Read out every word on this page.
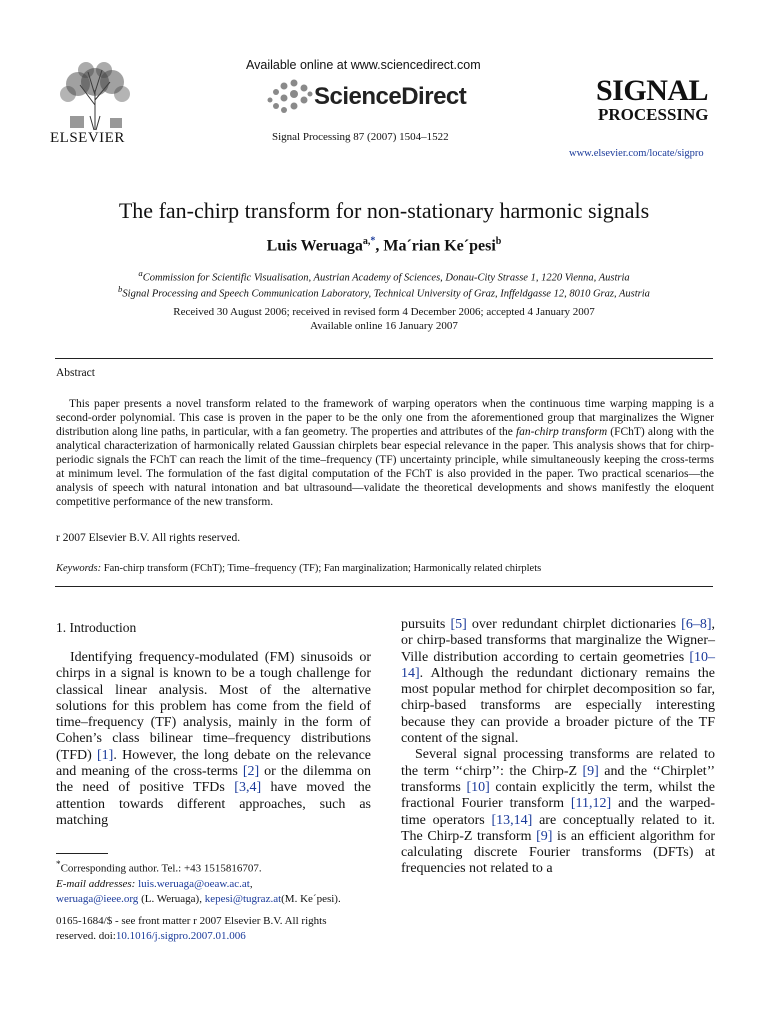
ELSEVIER
Available online at www.sciencedirect.com
ScienceDirect
Signal Processing 87 (2007) 1504–1522
SIGNAL
PROCESSING
www.elsevier.com/locate/sigpro
The fan-chirp transform for non-stationary harmonic signals
Luis Weruaga$^{a,*}$, Ma´rian Ke´pesi$^b$
$^a$Commission for Scientific Visualisation, Austrian Academy of Sciences, Donau-City Strasse 1, 1220 Vienna, Austria
$^b$Signal Processing and Speech Communication Laboratory, Technical University of Graz, Inffeldgasse 12, 8010 Graz, Austria
Received 30 August 2006; received in revised form 4 December 2006; accepted 4 January 2007
Available online 16 January 2007
Abstract
This paper presents a novel transform related to the framework of warping operators when the continuous time warping mapping is a second-order polynomial. This case is proven in the paper to be the only one from the aforementioned group that marginalizes the Wigner distribution along line paths, in particular, with a fan geometry. The properties and attributes of the fan-chirp transform (FChT) along with the analytical characterization of harmonically related Gaussian chirplets bear especial relevance in the paper. This analysis shows that for chirp-periodic signals the FChT can reach the limit of the time–frequency (TF) uncertainty principle, while simultaneously keeping the cross-terms at minimum level. The formulation of the fast digital computation of the FChT is also provided in the paper. Two practical scenarios—the analysis of speech with natural intonation and bat ultrasound—validate the theoretical developments and shows manifestly the eloquent competitive performance of the new transform.
r 2007 Elsevier B.V. All rights reserved.
Keywords: Fan-chirp transform (FChT); Time–frequency (TF); Fan marginalization; Harmonically related chirplets
1. Introduction
Identifying frequency-modulated (FM) sinusoids or chirps in a signal is known to be a tough challenge for classical linear analysis. Most of the alternative solutions for this problem has come from the field of time–frequency (TF) analysis, mainly in the form of Cohen’s class bilinear time–frequency distributions (TFD) [1]. However, the long debate on the relevance and meaning of the cross-terms [2] or the dilemma on the need of positive TFDs [3,4] have moved the attention towards different approaches, such as matching

pursuits [5] over redundant chirplet dictionaries [6–8], or chirp-based transforms that marginalize the Wigner–Ville distribution according to certain geometries [10–14]. Although the redundant dictionary remains the most popular method for chirplet decomposition so far, chirp-based transforms are especially interesting because they can provide a broader picture of the TF content of the signal.

Several signal processing transforms are related to the term ‘‘chirp’’: the Chirp-Z [9] and the ‘‘Chirplet’’ transforms [10] contain explicitly the term, whilst the fractional Fourier transform [11,12] and the warped-time operators [13,14] are conceptually related to it. The Chirp-Z transform [9] is an efficient algorithm for calculating discrete Fourier transforms (DFTs) at frequencies not related to a

*Corresponding author. Tel.: +43 1515816707.
E-mail addresses: luis.weruaga@oeaw.ac.at,
weruaga@ieee.org (L. Weruaga), kepesi@tugraz.at(M. Ke´pesi).
0165-1684/$ - see front matter r 2007 Elsevier B.V. All rights
reserved. doi:10.1016/j.sigpro.2007.01.006
